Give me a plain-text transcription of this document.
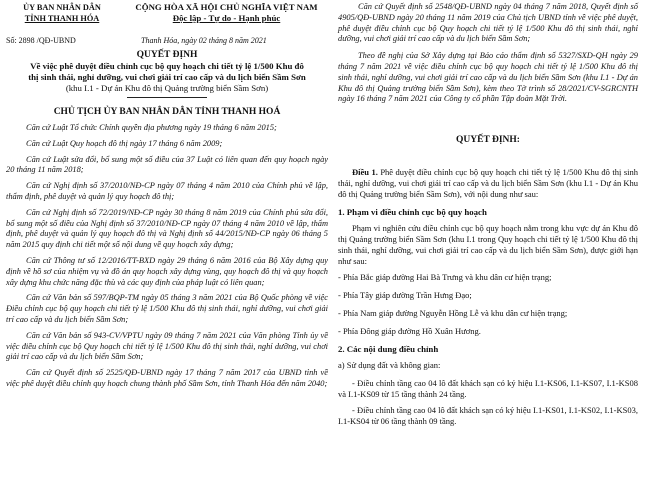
ỦY BAN NHÂN DÂN
TỈNH THANH HÓA
CỘNG HÒA XÃ HỘI CHỦ NGHĨA VIỆT NAM
Độc lập - Tự do - Hạnh phúc
Số: 2898 /QĐ-UBND	Thanh Hóa, ngày 02 tháng 8 năm 2021
QUYẾT ĐỊNH
Về việc phê duyệt điều chỉnh cục bộ quy hoạch chi tiết tỷ lệ 1/500 Khu đô
thị sinh thái, nghỉ dưỡng, vui chơi giải trí cao cấp và du lịch biển Sầm Sơn
(khu I.1 - Dự án Khu đô thị Quảng trường biển Sầm Sơn)
CHỦ TỊCH ỦY BAN NHÂN DÂN TỈNH THANH HOÁ

Căn cứ Luật Tổ chức Chính quyền địa phương ngày 19 tháng 6 năm 2015;

Căn cứ Luật Quy hoạch đô thị ngày 17 tháng 6 năm 2009;

Căn cứ Luật sửa đổi, bổ sung một số điều của 37 Luật có liên quan đến quy hoạch ngày 20 tháng 11 năm 2018;

Căn cứ Nghị định số 37/2010/NĐ-CP ngày 07 tháng 4 năm 2010 của Chính phủ về lập, thẩm định, phê duyệt và quản lý quy hoạch đô thị;

Căn cứ Nghị định số 72/2019/NĐ-CP ngày 30 tháng 8 năm 2019 của Chính phủ sửa đổi, bổ sung một số điều của Nghị định số 37/2010/NĐ-CP ngày 07 tháng 4 năm 2010 về lập, thẩm định, phê duyệt và quản lý quy hoạch đô thị và Nghị định số 44/2015/NĐ-CP ngày 06 tháng 5 năm 2015 quy định chi tiết một số nội dung về quy hoạch xây dựng;

Căn cứ Thông tư số 12/2016/TT-BXD ngày 29 tháng 6 năm 2016 của Bộ Xây dựng quy định về hồ sơ của nhiệm vụ và đồ án quy hoạch xây dựng vùng, quy hoạch đô thị và quy hoạch xây dựng khu chức năng đặc thù và các quy định của pháp luật có liên quan;

Căn cứ Văn bản số 597/BQP-TM ngày 05 tháng 3 năm 2021 của Bộ Quốc phòng về việc Điều chỉnh cục bộ quy hoạch chi tiết tỷ lệ 1/500 Khu đô thị sinh thái, nghỉ dưỡng, vui chơi giải trí cao cấp và du lịch biển Sầm Sơn;

Căn cứ Văn bản số 943-CV/VPTU ngày 09 tháng 7 năm 2021 của Văn phòng Tỉnh ủy về việc điều chỉnh cục bộ Quy hoạch chi tiết tỷ lệ 1/500 Khu đô thị sinh thái, nghỉ dưỡng, vui chơi giải trí cao cấp và du lịch biển Sầm Sơn;

Căn cứ Quyết định số 2525/QĐ-UBND ngày 17 tháng 7 năm 2017 của UBND tỉnh về việc phê duyệt điều chỉnh quy hoạch chung thành phố Sầm Sơn, tỉnh Thanh Hóa đến năm 2040;

Căn cứ Quyết định số 2548/QĐ-UBND ngày 04 tháng 7 năm 2018, Quyết định số 4905/QĐ-UBND ngày 20 tháng 11 năm 2019 của Chủ tịch UBND tỉnh về việc phê duyệt, phê duyệt điều chỉnh cục bộ Quy hoạch chi tiết tỷ lệ 1/500 Khu đô thị sinh thái, nghỉ dưỡng, vui chơi giải trí cao cấp và du lịch biển Sầm Sơn;

Theo đề nghị của Sở Xây dựng tại Báo cáo thẩm định số 5327/SXD-QH ngày 29 tháng 7 năm 2021 về việc điều chỉnh cục bộ quy hoạch chi tiết tỷ lệ 1/500 Khu đô thị sinh thái, nghỉ dưỡng, vui chơi giải trí cao cấp và du lịch biển Sầm Sơn (khu I.1 - Dự án Khu đô thị Quảng trường biển Sầm Sơn), kèm theo Tờ trình số 28/2021/CV-SGRCNTH ngày 16 tháng 7 năm 2021 của Công ty cổ phần Tập đoàn Mặt Trời.

QUYẾT ĐỊNH:

Điều 1. Phê duyệt điều chỉnh cục bộ quy hoạch chi tiết tỷ lệ 1/500 Khu đô thị sinh thái, nghỉ dưỡng, vui chơi giải trí cao cấp và du lịch biển Sầm Sơn (khu I.1 - Dự án Khu đô thị Quảng trường biển Sầm Sơn), với nội dung như sau:

1. Phạm vi điều chỉnh cục bộ quy hoạch

Phạm vi nghiên cứu điều chỉnh cục bộ quy hoạch nằm trong khu vực dự án Khu đô thị Quảng trường biển Sầm Sơn (khu I.1 trong Quy hoạch chi tiết tỷ lệ 1/500 Khu đô thị sinh thái, nghỉ dưỡng, vui chơi giải trí cao cấp và du lịch biển Sầm Sơn), được giới hạn như sau:

- Phía Bắc giáp đường Hai Bà Trưng và khu dân cư hiện trạng;

- Phía Tây giáp đường Trần Hưng Đạo;

- Phía Nam giáp đường Nguyễn Hồng Lễ và khu dân cư hiện trạng;

- Phía Đông giáp đường Hồ Xuân Hương.

2. Các nội dung điều chỉnh

a) Sử dụng đất và không gian:

- Điều chỉnh tầng cao 04 lô đất khách sạn có ký hiệu I.1-KS06, I.1-KS07, I.1-KS08 và I.1-KS09 từ 15 tầng thành 24 tầng.

- Điều chỉnh tầng cao 04 lô đất khách sạn có ký hiệu I.1-KS01, I.1-KS02, I.1-KS03, I.1-KS04 từ 06 tầng thành 09 tầng.
